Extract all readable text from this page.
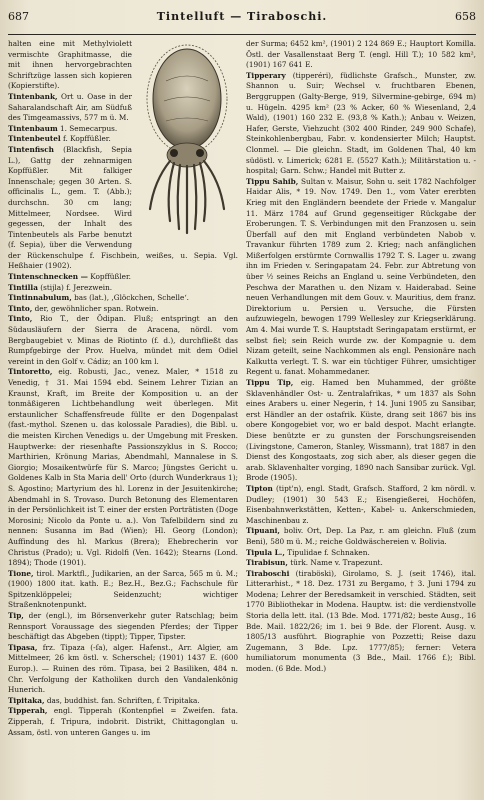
687	Tintelluft — Tiraboschi.	658

halten eine mit Methylviolett vermischte Graphitmasse, die mit ihnen hervorgebrachten Schriftzüge lassen sich kopieren (Kopierstifte).

Tintenbank, Ort u. Oase in der Saharalandschaft Air, am Südfuß des Timgeamassivs, 577 m ü. M.

Tintenbaum 1. Semecarpus.

Tintenbeutel f. Kopffüßler.

Tintenfisch (Blackfish, Sepia L.), Gattg der zehnarmigen Kopffüßler. Mit falkiger Innenschale; gegen 30 Arten. S. officinalis L., gem. T. (Abb.); durchschn. 30 cm lang; Mittelmeer, Nordsee. Wird gegessen, der Inhalt des Tintenbeutels als Farbe benutzt (f. Sepia), über die Verwendung der Rückenschulpe f. Fischbein, weißes, u. Sepia. Vgl. Heßhaier (1902).

Tintenschnecken — Kopffüßler.

Tintilla (stijla) f. Jerezwein.

Tintinnabulum, bas (lat.), ‚Glöckchen, Schelle‘.

Tinto, der, gewöhnlicher span. Rotwein.

Tinto, Rio T., der Ödipan. Fluß; entspringt an den Südausläufern der Sierra de Aracena, nördl. vom Bergbaugebiet v. Minas de Riotinto (f. d.), durchfließt das Rumpfgebirge der Prov. Huelva, mündet mit dem Odiel vereint in den Golf v. Cádiz; an 100 km l.

Tintoretto, eig. Robusti, Jac., venez. Maler, * 1518 zu Venedig, † 31. Mai 1594 ebd. Seinem Lehrer Tizian an Kraunst, Kraft, im Breite der Komposition u. an der tonmäßigeren Lichtbehandlung weit überlegen. Mit erstaunlicher Schaffensfreude füllte er den Dogenpalast (fast.-mythol. Szenen u. das kolossale Paradies), die Bibl. u. die meisten Kirchen Venedigs u. der Umgebung mit Fresken. Hauptwerke: der riesenhafte Passionszyklus in S. Rocco; Marthirien, Krönung Marias, Abendmahl, Mannalese in S. Giorgio; Mosaikentwürfe für S. Marco; Jüngstes Gericht u. Goldenes Kalb in Sta Maria dell' Orto (durch Wunderkraus 1); S. Agostino; Martyrium des hl. Lorenz in der Jesuitenkirche; Abendmahl in S. Trovaso. Durch Betonung des Elementaren in der Persönlichkeit ist T. einer der ersten Porträtisten (Doge Morosini; Nicolo da Ponte u. a.). Von Tafelbildern sind zu nennen: Susanna im Bad (Wien); Hl. Georg (London); Auffindung des hl. Markus (Brera); Ehebrecherin vor Christus (Prado); u. Vgl. Ridolfi (Ven. 1642); Stearns (Lond. 1894); Thode (1901).

Tione, tirol. Marktfl., Judikarien, an der Sarca, 565 m ü. M.; (1900) 1800 itat. kath. E.; Bez.H., Bez.G.; Fachschule für Spitzenklöppelei; Seidenzucht; wichtiger Straßenknotenpunkt.

Tip, der (engl.), im Börsenverkehr guter Ratschlag; beim Rennsport Voraussage des siegenden Pferdes; der Tipper beschäftigt das Abgeben (tippt); Tipper, Tipster.

Tipasa, frz. Tipaza (-ſa), alger. Hafenst., Arr. Algier, am Mittelmeer, 26 km östl. v. Scherschel; (1901) 1437 E. (600 Europ.). — Ruinen des röm. Tipasa, bei 2 Basiliken, 484 n. Chr. Verfolgung der Katholiken durch den Vandalenkönig Hunerich.

Tipitaka, das, buddhist. fan. Schriften, f. Tripitaka.

Tipperah, engl. Tipperah (Kontenpfiel = Zweifen. fata. Zipperah, f. Tripura, indobrit. Distrikt, Chittagonglan u. Assam, östl. von unteren Ganges u. im

der Surma; 6452 km², (1901) 2 124 869 E.; Hauptort Komilla. Östl. der Vasallenstaat Berg T. (engl. Hill T.); 10 582 km², (1901) 167 641 E.

Tipperary (tipperéri), füdlichste Grafsch., Munster, zw. Shannon u. Suir; Wechsel v. fruchtbaren Ebenen, Berggruppen (Galty-Berge, 919, Silvermine-gebirge, 694 m) u. Hügeln. 4295 km² (23 % Acker, 60 % Wiesenland, 2,4 Wald), (1901) 160 232 E. (93,8 % Kath.); Anbau v. Weizen, Hafer, Gerste, Viehzucht (302 400 Rinder, 249 900 Schafe), Steinkohlenbergbau, Fabr. v. kondensierter Milch; Hauptst. Clonmel. — Die gleichn. Stadt, im Goldenen Thal, 40 km südöstl. v. Limerick; 6281 E. (5527 Kath.); Militärstation u. -hospital; Garn. Schw.; Handel mit Butter z.

Tippu Sahib, Sultan v. Maisur, Sohn u. seit 1782 Nachfolger Haidar Alis, * 19. Nov. 1749. Den 1., vom Vater ererbten Krieg mit den Engländern beendete der Friede v. Mangalur 11. März 1784 auf Grund gegenseitiger Rückgabe der Eroberungen. T. S. Verbindungen mit den Franzosen u. sein Überfall auf den mit England verbündeten Nabob v. Travankur führten 1789 zum 2. Krieg; nach anfänglichen Mißerfolgen erstürmte Cornwallis 1792 T. S. Lager u. zwang ihn im Frieden v. Seringapatam 24. Febr. zur Abtretung von über ½ seines Reichs an England u. seine Verbündeten, den Peschwa der Marathen u. den Nizam v. Haiderabad. Seine neuen Verhandlungen mit dem Gouv. v. Mauritius, dem franz. Direktorium u. Persien u. Versuche, die Fürsten aufzuwiegeln, bewogen 1799 Wellesley zur Kriegserklärung. Am 4. Mai wurde T. S. Hauptstadt Seringapatam erstürmt, er selbst fiel; sein Reich wurde zw. der Kompagnie u. dem Nizam geteilt, seine Nachkommen als engl. Pensionäre nach Kalkutta verlegt. T. S. war ein tüchtiger Führer, umsichtiger Regent u. fanat. Mohammedaner.

Tippu Tip, eig. Hamed ben Muhammed, der größte Sklavenhändler Ost- u. Zentralafrikas, * um 1837 als Sohn eines Arabers u. einer Negerin, † 14. Juni 1905 zu Sansibar, erst Händler an der ostafrik. Küste, drang seit 1867 bis ins obere Kongogebiet vor, wo er bald despot. Macht erlangte. Diese benützte er zu gunsten der Forschungsreisenden (Livingstone, Cameron, Stanley, Wissmann), trat 1887 in den Dienst des Kongostaats, zog sich aber, als dieser gegen die arab. Sklavenhalter vorging, 1890 nach Sansibar zurück. Vgl. Brode (1905).

Tipton (tipt'n), engl. Stadt, Grafsch. Stafford, 2 km nördl. v. Dudley; (1901) 30 543 E.; Eisengießerei, Hochöfen, Eisenbahnwerkstätten, Ketten-, Kabel- u. Ankerschmieden, Maschinenbau z.

Tipuani, boliv. Ort, Dep. La Paz, r. am gleichn. Fluß (zum Beni), 580 m ü. M.; reiche Goldwäschereien v. Bolivia.

Tipula L., Tipulidae f. Schnaken.

Tirabisun, türk. Name v. Trapezunt.

Tiraboschi (tiraböski), Girolamo, S. J. (seit 1746), ital. Litterarhist., * 18. Dez. 1731 zu Bergamo, † 3. Juni 1794 zu Modena; Lehrer der Beredsamkeit in verschied. Städten, seit 1770 Bibliothekar in Modena. Hauptw. ist: die verdienstvolle Storia della lett. ital. (13 Bde. Mod. 1771/82; beste Ausg., 16 Bde. Mail. 1822/26; im 1. bei 9 Bde. der Florent. Ausg. v. 1805/13 ausführt. Biographie von Pozzetti; Reise dazu Zugemann, 3 Bde. Lpz. 1777/85); ferner: Vetera humiliatorum monumenta (3 Bde., Mail. 1766 f.); Bibl. moden. (6 Bde. Mod.)
